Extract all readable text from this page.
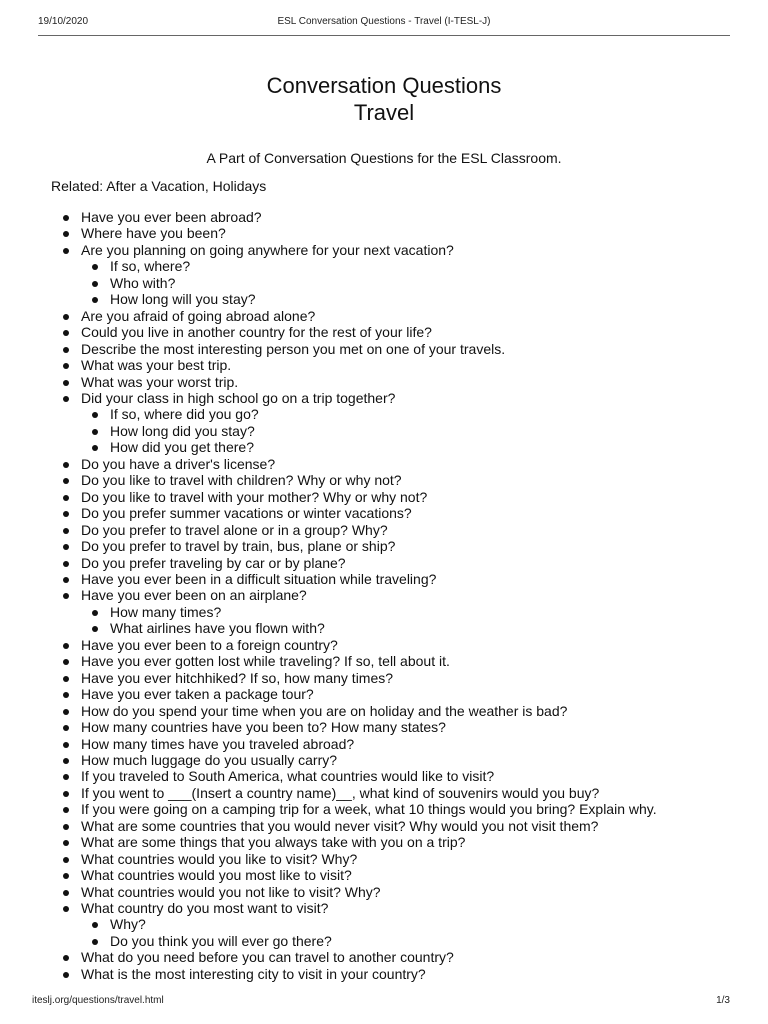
19/10/2020	ESL Conversation Questions - Travel (I-TESL-J)
Conversation Questions
Travel

A Part of Conversation Questions for the ESL Classroom.

Related: After a Vacation, Holidays
Have you ever been abroad?
Where have you been?
Are you planning on going anywhere for your next vacation?
If so, where?
Who with?
How long will you stay?
Are you afraid of going abroad alone?
Could you live in another country for the rest of your life?
Describe the most interesting person you met on one of your travels.
What was your best trip.
What was your worst trip.
Did your class in high school go on a trip together?
If so, where did you go?
How long did you stay?
How did you get there?
Do you have a driver's license?
Do you like to travel with children? Why or why not?
Do you like to travel with your mother? Why or why not?
Do you prefer summer vacations or winter vacations?
Do you prefer to travel alone or in a group? Why?
Do you prefer to travel by train, bus, plane or ship?
Do you prefer traveling by car or by plane?
Have you ever been in a difficult situation while traveling?
Have you ever been on an airplane?
How many times?
What airlines have you flown with?
Have you ever been to a foreign country?
Have you ever gotten lost while traveling? If so, tell about it.
Have you ever hitchhiked? If so, how many times?
Have you ever taken a package tour?
How do you spend your time when you are on holiday and the weather is bad?
How many countries have you been to? How many states?
How many times have you traveled abroad?
How much luggage do you usually carry?
If you traveled to South America, what countries would like to visit?
If you went to ___(Insert a country name)__, what kind of souvenirs would you buy?
If you were going on a camping trip for a week, what 10 things would you bring? Explain why.
What are some countries that you would never visit? Why would you not visit them?
What are some things that you always take with you on a trip?
What countries would you like to visit? Why?
What countries would you most like to visit?
What countries would you not like to visit? Why?
What country do you most want to visit?
Why?
Do you think you will ever go there?
What do you need before you can travel to another country?
What is the most interesting city to visit in your country?
iteslj.org/questions/travel.html	1/3
